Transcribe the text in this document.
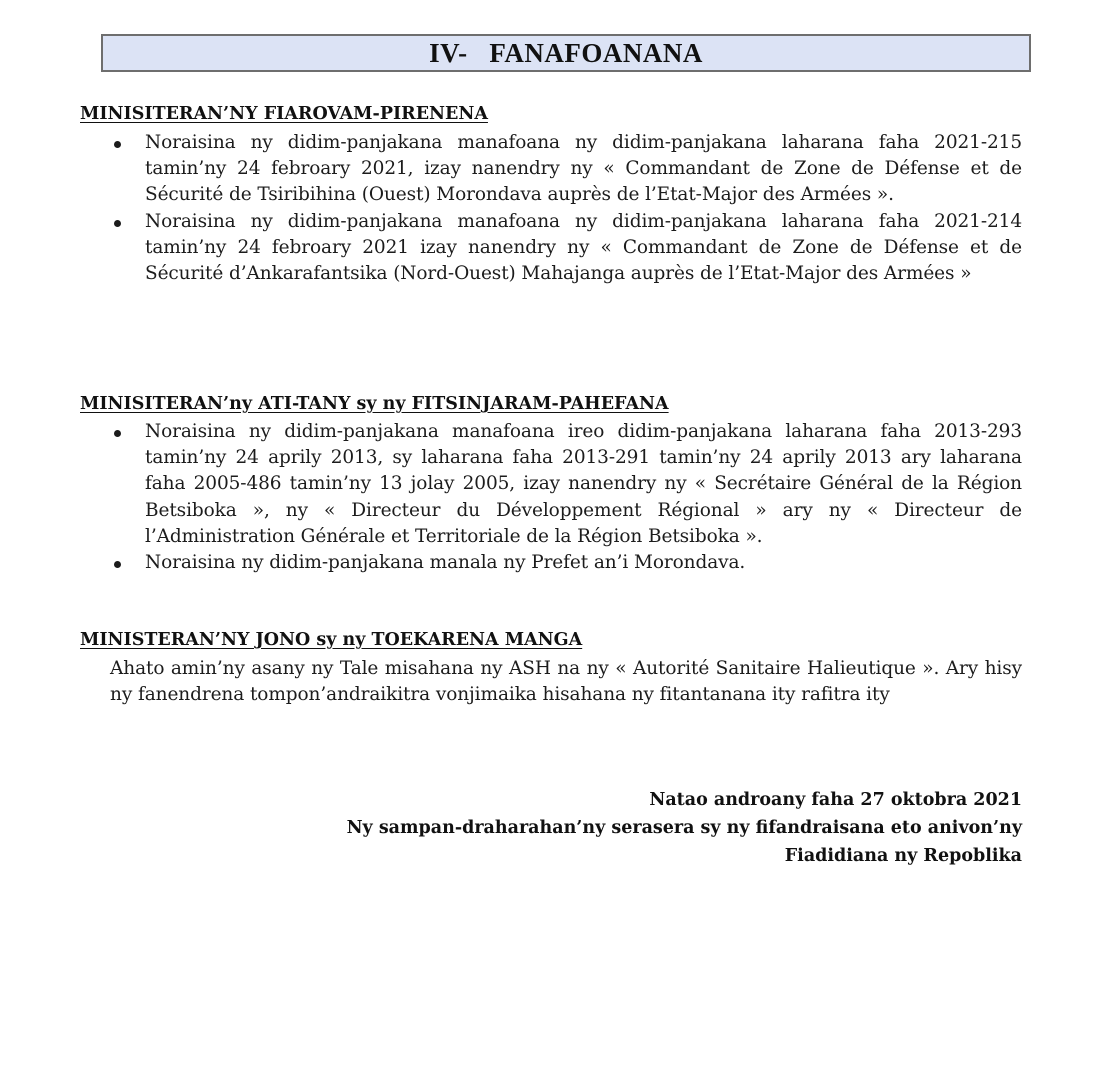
IV-   FANAFOANANA
MINISITERAN’NY FIAROVAM-PIRENENA
Noraisina ny didim-panjakana manafoana ny didim-panjakana laharana faha 2021-215 tamin’ny 24 febroary 2021, izay nanendry ny « Commandant de Zone de Défense et de Sécurité de Tsiribihina (Ouest) Morondava auprès de l’Etat-Major des Armées ».
Noraisina ny didim-panjakana manafoana ny didim-panjakana laharana faha 2021-214 tamin’ny 24 febroary 2021 izay nanendry ny « Commandant de Zone de Défense et de Sécurité d’Ankarafantsika (Nord-Ouest) Mahajanga auprès de l’Etat-Major des Armées »
MINISITERAN’ny ATI-TANY sy ny FITSINJARAM-PAHEFANA
Noraisina ny didim-panjakana manafoana ireo didim-panjakana laharana faha 2013-293 tamin’ny 24 aprily 2013, sy laharana faha 2013-291 tamin’ny 24 aprily 2013 ary laharana faha 2005-486 tamin’ny 13 jolay 2005, izay nanendry ny « Secrétaire Général de la Région Betsiboka », ny « Directeur du Développement Régional » ary ny « Directeur de l’Administration Générale et Territoriale de la Région Betsiboka ».
Noraisina ny didim-panjakana manala ny Prefet an’i Morondava.
MINISTERAN’NY JONO sy ny TOEKARENA MANGA
Ahato amin’ny asany ny Tale misahana ny ASH na ny « Autorité Sanitaire Halieutique ». Ary hisy ny fanendrena tompon’andraikitra vonjimaika hisahana ny fitantanana ity rafitra ity
Natao androany faha 27 oktobra 2021
Ny sampan-draharahan’ny serasera sy ny fifandraisana eto anivon’ny
Fiadidiana ny Repoblika
